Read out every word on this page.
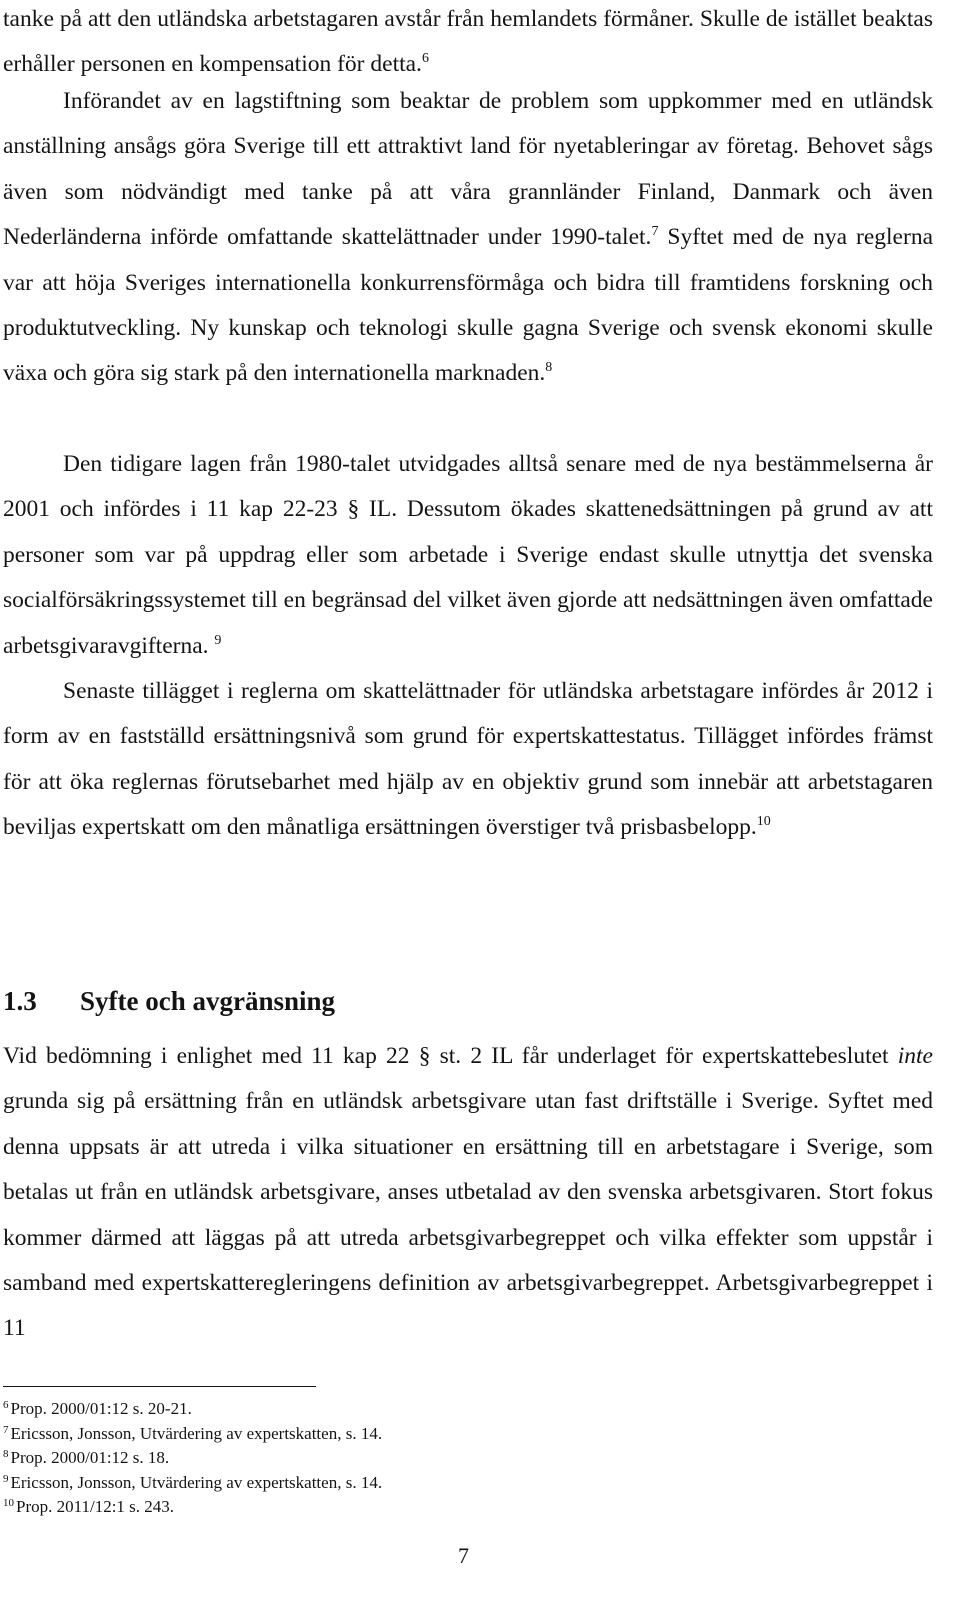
tanke på att den utländska arbetstagaren avstår från hemlandets förmåner. Skulle de istället beaktas erhåller personen en kompensation för detta.$^6$

Införandet av en lagstiftning som beaktar de problem som uppkommer med en utländsk anställning ansågs göra Sverige till ett attraktivt land för nyetableringar av företag. Behovet sågs även som nödvändigt med tanke på att våra grannländer Finland, Danmark och även Nederländerna införde omfattande skattelättnader under 1990-talet.$^7$ Syftet med de nya reglerna var att höja Sveriges internationella konkurrensförmåga och bidra till framtidens forskning och produktutveckling. Ny kunskap och teknologi skulle gagna Sverige och svensk ekonomi skulle växa och göra sig stark på den internationella marknaden.$^8$

Den tidigare lagen från 1980-talet utvidgades alltså senare med de nya bestämmelserna år 2001 och infördes i 11 kap 22-23 § IL. Dessutom ökades skattenedsättningen på grund av att personer som var på uppdrag eller som arbetade i Sverige endast skulle utnyttja det svenska socialförsäkringssystemet till en begränsad del vilket även gjorde att nedsättningen även omfattade arbetsgivaravgifterna. $^9$

Senaste tillägget i reglerna om skattelättnader för utländska arbetstagare infördes år 2012 i form av en fastställd ersättningsnivå som grund för expertskattestatus. Tillägget infördes främst för att öka reglernas förutsebarhet med hjälp av en objektiv grund som innebär att arbetstagaren beviljas expertskatt om den månatliga ersättningen överstiger två prisbasbelopp.$^{10}$

1.3 Syfte och avgränsning

Vid bedömning i enlighet med 11 kap 22 § st. 2 IL får underlaget för expertskattebeslutet inte grunda sig på ersättning från en utländsk arbetsgivare utan fast driftställe i Sverige. Syftet med denna uppsats är att utreda i vilka situationer en ersättning till en arbetstagare i Sverige, som betalas ut från en utländsk arbetsgivare, anses utbetalad av den svenska arbetsgivaren. Stort fokus kommer därmed att läggas på att utreda arbetsgivarbegreppet och vilka effekter som uppstår i samband med expertskatteregleringens definition av arbetsgivarbegreppet. Arbetsgivarbegreppet i 11

$^6$ Prop. 2000/01:12 s. 20-21.
$^7$ Ericsson, Jonsson, Utvärdering av expertskatten, s. 14.
$^8$ Prop. 2000/01:12 s. 18.
$^9$ Ericsson, Jonsson, Utvärdering av expertskatten, s. 14.
$^{10}$ Prop. 2011/12:1 s. 243.
7
